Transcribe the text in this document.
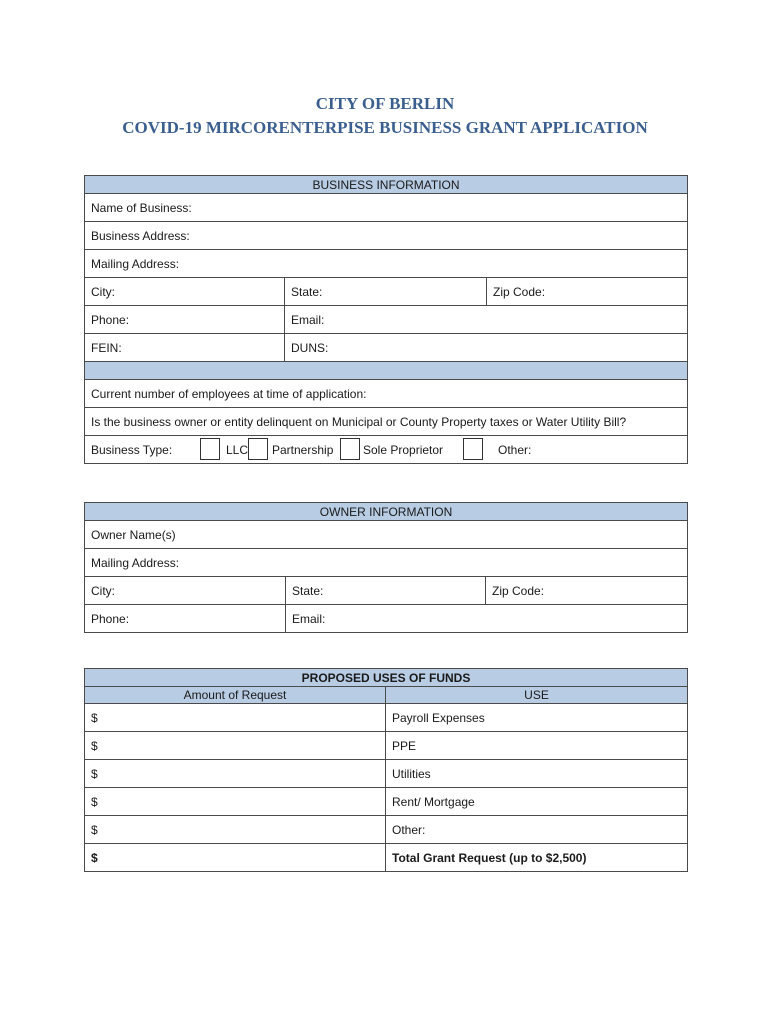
CITY OF BERLIN
COVID-19 MIRCORENTERPISE BUSINESS GRANT APPLICATION
BUSINESS INFORMATION		
Name of Business:		
Business Address:		
Mailing Address:		
City:	State:	Zip Code:
Phone:	Email:	
FEIN:	DUNS:	

Current number of employees at time of application:		
Is the business owner or entity delinquent on Municipal or County Property taxes or Water Utility Bill?		

Business Type: LLC Partnership Sole Proprietor Other:		
OWNER INFORMATION		
Owner Name(s)		
Mailing Address:		
City:	State:	Zip Code:
Phone:	Email:	
PROPOSED USES OF FUNDS	
Amount of Request	USE
$	Payroll Expenses
$	PPE
$	Utilities
$	Rent/ Mortgage
$	Other:
$	Total Grant Request (up to $2,500)
